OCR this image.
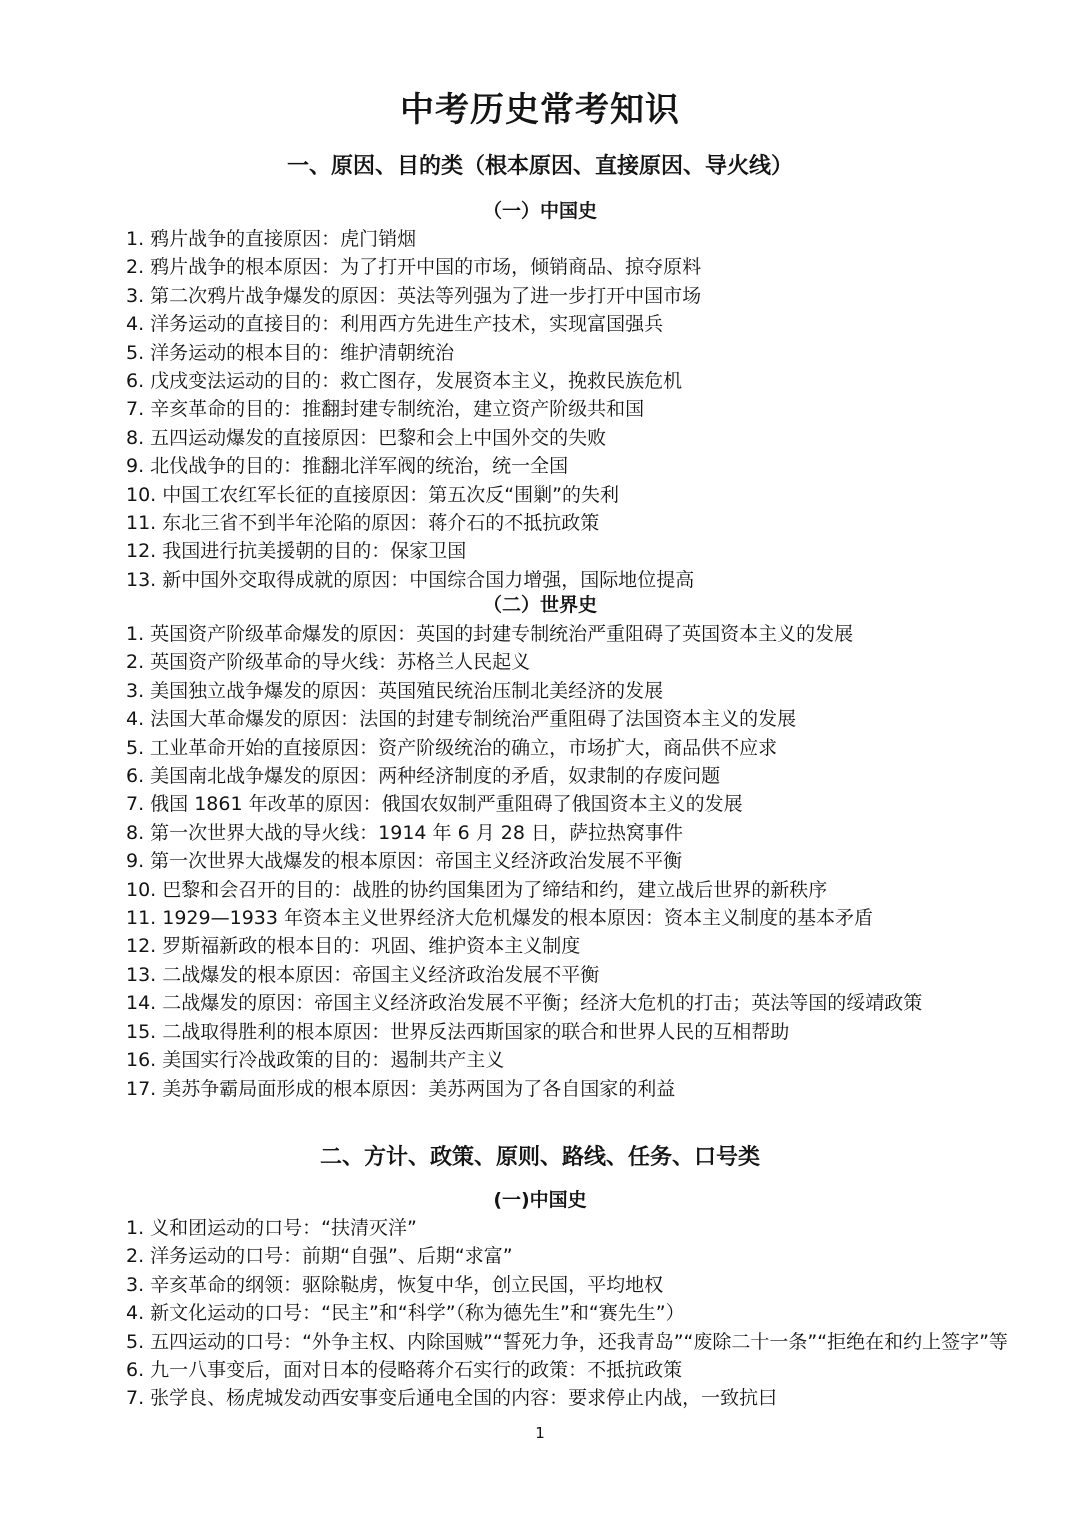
中考历史常考知识
一、原因、目的类（根本原因、直接原因、导火线）
（一）中国史
1. 鸦片战争的直接原因：虎门销烟
2. 鸦片战争的根本原因：为了打开中国的市场，倾销商品、掠夺原料
3. 第二次鸦片战争爆发的原因：英法等列强为了进一步打开中国市场
4. 洋务运动的直接目的：利用西方先进生产技术，实现富国强兵
5. 洋务运动的根本目的：维护清朝统治
6. 戊戌变法运动的目的：救亡图存，发展资本主义，挽救民族危机
7. 辛亥革命的目的：推翻封建专制统治，建立资产阶级共和国
8. 五四运动爆发的直接原因：巴黎和会上中国外交的失败
9. 北伐战争的目的：推翻北洋军阀的统治，统一全国
10. 中国工农红军长征的直接原因：第五次反“围剿”的失利
11. 东北三省不到半年沦陷的原因：蒋介石的不抵抗政策
12. 我国进行抗美援朝的目的：保家卫国
13. 新中国外交取得成就的原因：中国综合国力增强，国际地位提高
（二）世界史
1. 英国资产阶级革命爆发的原因：英国的封建专制统治严重阻碍了英国资本主义的发展
2. 英国资产阶级革命的导火线：苏格兰人民起义
3. 美国独立战争爆发的原因：英国殖民统治压制北美经济的发展
4. 法国大革命爆发的原因：法国的封建专制统治严重阻碍了法国资本主义的发展
5. 工业革命开始的直接原因：资产阶级统治的确立，市场扩大，商品供不应求
6. 美国南北战争爆发的原因：两种经济制度的矛盾，奴隶制的存废问题
7. 俄国 1861 年改革的原因：俄国农奴制严重阻碍了俄国资本主义的发展
8. 第一次世界大战的导火线：1914 年 6 月 28 日，萨拉热窝事件
9. 第一次世界大战爆发的根本原因：帝国主义经济政治发展不平衡
10. 巴黎和会召开的目的：战胜的协约国集团为了缔结和约，建立战后世界的新秩序
11. 1929—1933 年资本主义世界经济大危机爆发的根本原因：资本主义制度的基本矛盾
12. 罗斯福新政的根本目的：巩固、维护资本主义制度
13. 二战爆发的根本原因：帝国主义经济政治发展不平衡
14. 二战爆发的原因：帝国主义经济政治发展不平衡；经济大危机的打击；英法等国的绥靖政策
15. 二战取得胜利的根本原因：世界反法西斯国家的联合和世界人民的互相帮助
16. 美国实行冷战政策的目的：遏制共产主义
17. 美苏争霸局面形成的根本原因：美苏两国为了各自国家的利益
二、方计、政策、原则、路线、任务、口号类
(一)中国史
1. 义和团运动的口号：“扶清灭洋”
2. 洋务运动的口号：前期“自强”、后期“求富”
3. 辛亥革命的纲领：驱除鞑虏，恢复中华，创立民国，平均地权
4. 新文化运动的口号：“民主”和“科学”（称为德先生”和“赛先生”）
5. 五四运动的口号：“外争主权、内除国贼”“誓死力争，还我青岛”“废除二十一条”“拒绝在和约上签字”等
6. 九一八事变后，面对日本的侵略蒋介石实行的政策：不抵抗政策
7. 张学良、杨虎城发动西安事变后通电全国的内容：要求停止内战，一致抗曰
1
